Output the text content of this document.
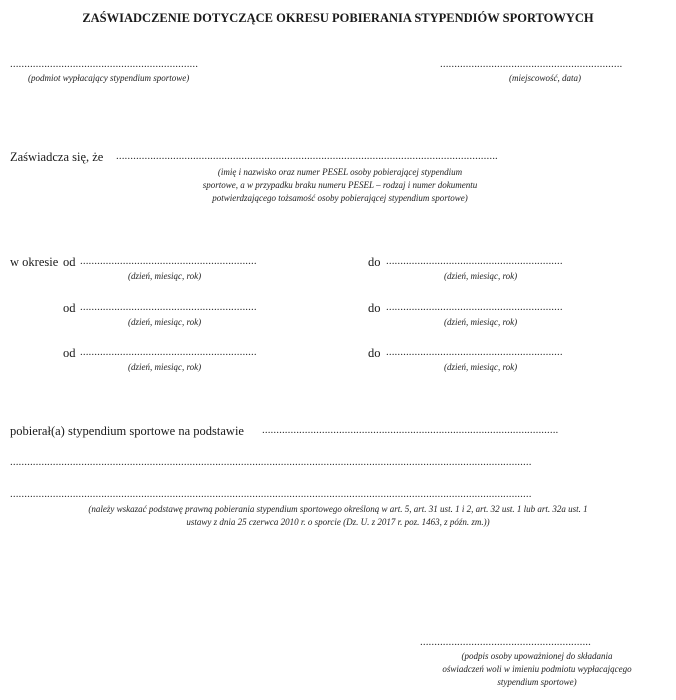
ZAŚWIADCZENIE DOTYCZĄCE OKRESU POBIERANIA STYPENDIÓW SPORTOWYCH
..................................................................
(podmiot wypłacający stypendium sportowe)
................................................................
(miejscowość, data)
Zaświadcza się, że ......................................................................................................................................
(imię i nazwisko oraz numer PESEL osoby pobierającej stypendium
sportowe, a w przypadku braku numeru PESEL – rodzaj i numer dokumentu
potwierdzającego tożsamość osoby pobierającej stypendium sportowe)
w okresie od ..............................................................
(dzień, miesiąc, rok)
do ..............................................................
(dzień, miesiąc, rok)
od ..............................................................
(dzień, miesiąc, rok)
do ..............................................................
(dzień, miesiąc, rok)
od ..............................................................
(dzień, miesiąc, rok)
do ..............................................................
(dzień, miesiąc, rok)
pobierał(a) stypendium sportowe na podstawie ........................................................................................................
.......................................................................................................................................................................................
.......................................................................................................................................................................................
(należy wskazać podstawę prawną pobierania stypendium sportowego określoną w art. 5, art. 31 ust. 1 i 2, art. 32 ust. 1 lub art. 32a ust. 1
ustawy z dnia 25 czerwca 2010 r. o sporcie (Dz. U. z 2017 r. poz. 1463, z późn. zm.))
............................................................
(podpis osoby upoważnionej do składania
oświadczeń woli w imieniu podmiotu wypłacającego
stypendium sportowe)
